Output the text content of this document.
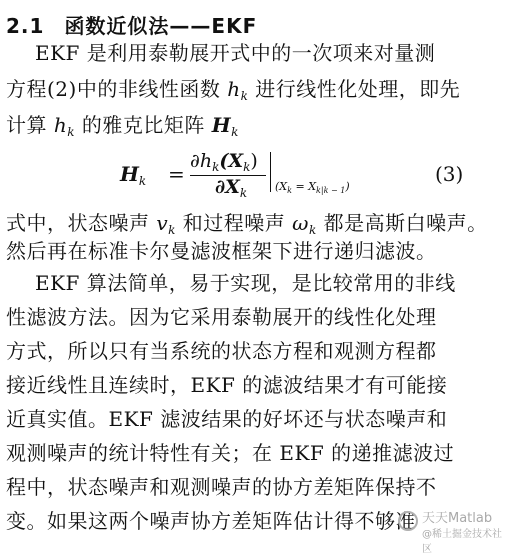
2.1 函数近似法——EKF
EKF 是利用泰勒展开式中的一次项来对量测
方程(2)中的非线性函数 $h_k$ 进行线性化处理，即先
计算 $h_k$ 的雅克比矩阵 $H_k$
$H_k$ =
$\partial h_k(X_k)$
$\partial X_k$	$(X_k = X_{k|k - 1})$
(3)
式中，状态噪声 $v_k$ 和过程噪声 $\omega_k$ 都是高斯白噪声。
然后再在标准卡尔曼滤波框架下进行递归滤波。
EKF 算法简单，易于实现，是比较常用的非线
性滤波方法。因为它采用泰勒展开的线性化处理
方式，所以只有当系统的状态方程和观测方程都
接近线性且连续时，EKF 的滤波结果才有可能接
近真实值。EKF 滤波结果的好坏还与状态噪声和
观测噪声的统计特性有关；在 EKF 的递推滤波过
程中，状态噪声和观测噪声的协方差矩阵保持不
变。如果这两个噪声协方差矩阵估计得不够准 天天Matlab
@稀土掘金技术社区
